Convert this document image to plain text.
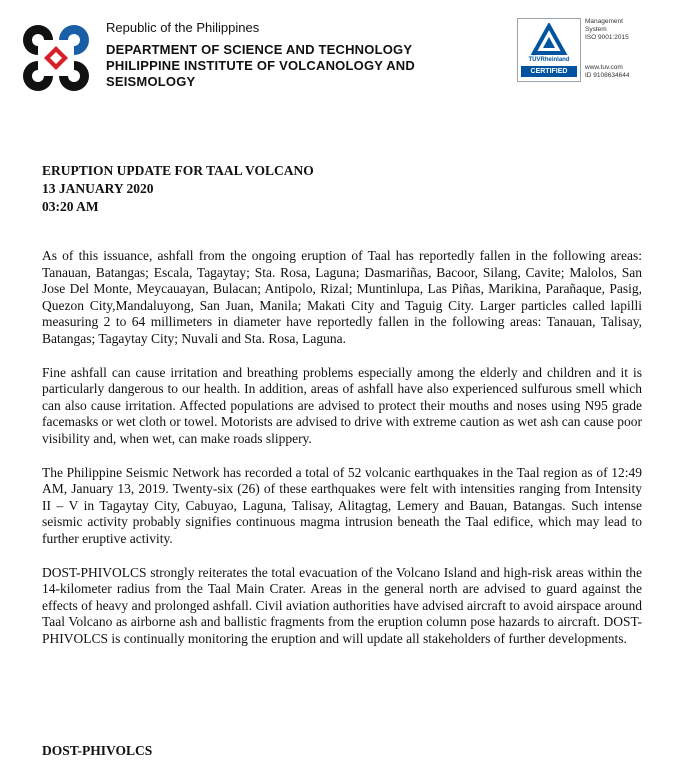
Republic of the Philippines
DEPARTMENT OF SCIENCE AND TECHNOLOGY
PHILIPPINE INSTITUTE OF VOLCANOLOGY AND
SEISMOLOGY
TÜVRheinland
CERTIFIED
Management
System
ISO 9001:2015
www.tuv.com
ID 9108634644
ERUPTION UPDATE FOR TAAL VOLCANO
13 JANUARY 2020
03:20 AM

As of this issuance, ashfall from the ongoing eruption of Taal has reportedly fallen in the following areas: Tanauan, Batangas; Escala, Tagaytay; Sta. Rosa, Laguna; Dasmariñas, Bacoor, Silang, Cavite; Malolos, San Jose Del Monte, Meycauayan, Bulacan; Antipolo, Rizal; Muntinlupa, Las Piñas, Marikina, Parañaque, Pasig, Quezon City,Mandaluyong, San Juan, Manila; Makati City and Taguig City. Larger particles called lapilli measuring 2 to 64 millimeters in diameter have reportedly fallen in the following areas: Tanauan, Talisay, Batangas; Tagaytay City; Nuvali and Sta. Rosa, Laguna.

Fine ashfall can cause irritation and breathing problems especially among the elderly and children and it is particularly dangerous to our health. In addition, areas of ashfall have also experienced sulfurous smell which can also cause irritation. Affected populations are advised to protect their mouths and noses using N95 grade facemasks or wet cloth or towel. Motorists are advised to drive with extreme caution as wet ash can cause poor visibility and, when wet, can make roads slippery.

The Philippine Seismic Network has recorded a total of 52 volcanic earthquakes in the Taal region as of 12:49 AM, January 13, 2019. Twenty-six (26) of these earthquakes were felt with intensities ranging from Intensity II – V in Tagaytay City, Cabuyao, Laguna, Talisay, Alitagtag, Lemery and Bauan, Batangas. Such intense seismic activity probably signifies continuous magma intrusion beneath the Taal edifice, which may lead to further eruptive activity.

DOST-PHIVOLCS strongly reiterates the total evacuation of the Volcano Island and high-risk areas within the 14-kilometer radius from the Taal Main Crater. Areas in the general north are advised to guard against the effects of heavy and prolonged ashfall. Civil aviation authorities have advised aircraft to avoid airspace around Taal Volcano as airborne ash and ballistic fragments from the eruption column pose hazards to aircraft. DOST-PHIVOLCS is continually monitoring the eruption and will update all stakeholders of further developments.

DOST-PHIVOLCS
